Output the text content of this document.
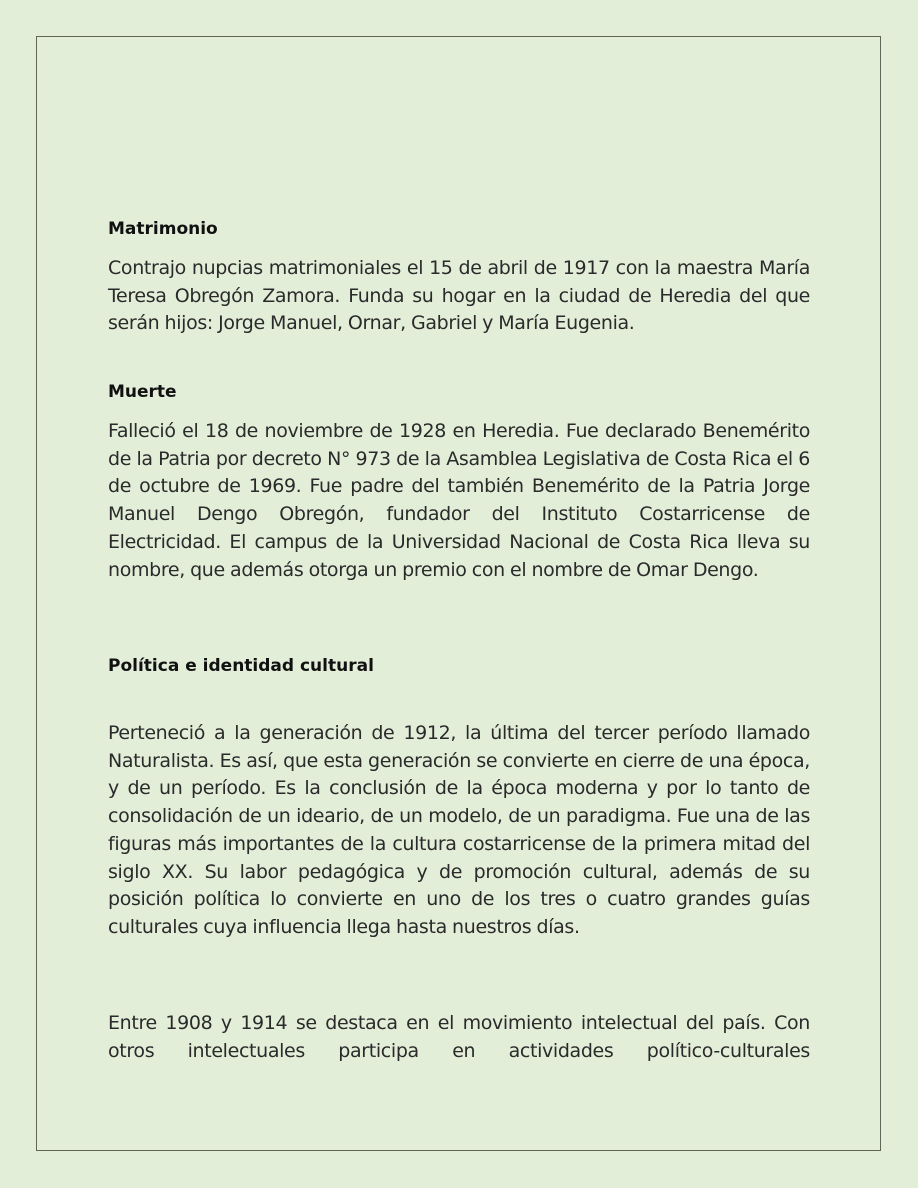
Matrimonio

Contrajo nupcias matrimoniales el 15 de abril de 1917 con la maestra María Teresa Obregón Zamora. Funda su hogar en la ciudad de Heredia del que serán hijos: Jorge Manuel, Ornar, Gabriel y María Eugenia.

Muerte

Falleció el 18 de noviembre de 1928 en Heredia. Fue declarado Benemérito de la Patria por decreto N° 973 de la Asamblea Legislativa de Costa Rica el 6 de octubre de 1969. Fue padre del también Benemérito de la Patria Jorge Manuel Dengo Obregón, fundador del Instituto Costarricense de Electricidad. El campus de la Universidad Nacional de Costa Rica lleva su nombre, que además otorga un premio con el nombre de Omar Dengo.

Política e identidad cultural

Perteneció a la generación de 1912, la última del tercer período llamado Naturalista. Es así, que esta generación se convierte en cierre de una época, y de un período. Es la conclusión de la época moderna y por lo tanto de consolidación de un ideario, de un modelo, de un paradigma. Fue una de las figuras más importantes de la cultura costarricense de la primera mitad del siglo XX. Su labor pedagógica y de promoción cultural, además de su posición política lo convierte en uno de los tres o cuatro grandes guías culturales cuya influencia llega hasta nuestros días.

Entre 1908 y 1914 se destaca en el movimiento intelectual del país. Con otros intelectuales participa en actividades político-culturales
